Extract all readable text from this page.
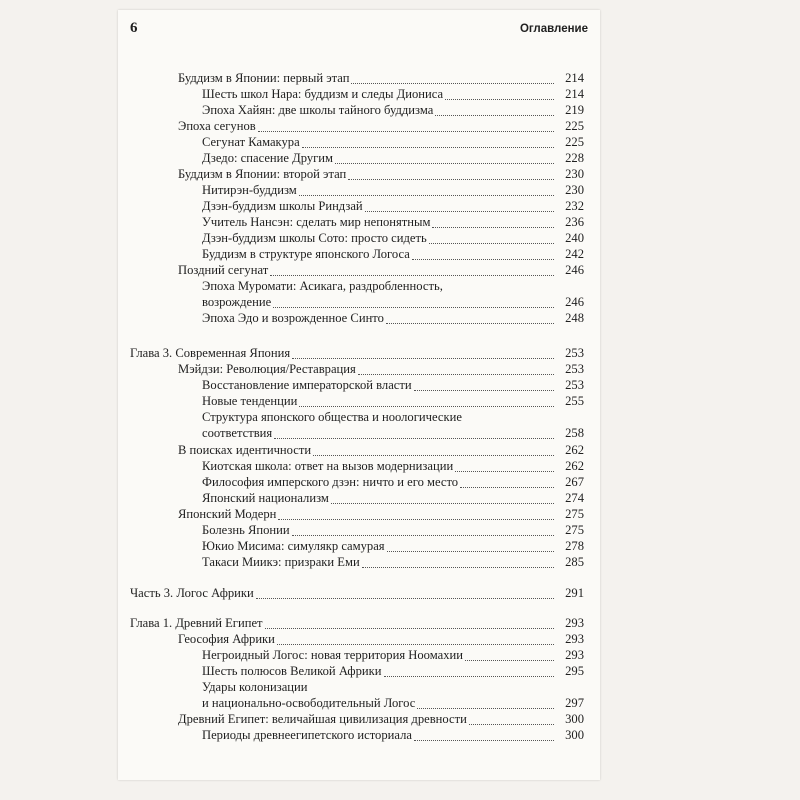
6	Оглавление
Буддизм в Японии: первый этап	214
Шесть школ Нара: буддизм и следы Диониса	214
Эпоха Хайян: две школы тайного буддизма	219
Эпоха сегунов	225
Сегунат Камакура	225
Дзедо: спасение Другим	228
Буддизм в Японии: второй этап	230
Нитирэн-буддизм	230
Дзэн-буддизм школы Риндзай	232
Учитель Нансэн: сделать мир непонятным	236
Дзэн-буддизм школы Сото: просто сидеть	240
Буддизм в структуре японского Логоса	242
Поздний сегунат	246
Эпоха Муромати: Асикага, раздробленность,
возрождение	246
Эпоха Эдо и возрожденное Синто	248
Глава 3. Современная Япония	253
Мэйдзи: Революция/Реставрация	253
Восстановление императорской власти	253
Новые тенденции	255
Структура японского общества и ноологические
соответствия	258
В поисках идентичности	262
Киотская школа: ответ на вызов модернизации	262
Философия имперского дзэн: ничто и его место	267
Японский национализм	274
Японский Модерн	275
Болезнь Японии	275
Юкио Мисима: симулякр самурая	278
Такаси Миикэ: призраки Еми	285
Часть 3. Логос Африки	291
Глава 1. Древний Египет	293
Геософия Африки	293
Негроидный Логос: новая территория Ноомахии	293
Шесть полюсов Великой Африки	295
Удары колонизации
и национально-освободительный Логос	297
Древний Египет: величайшая цивилизация древности	300
Периоды древнеегипетского историала	300
